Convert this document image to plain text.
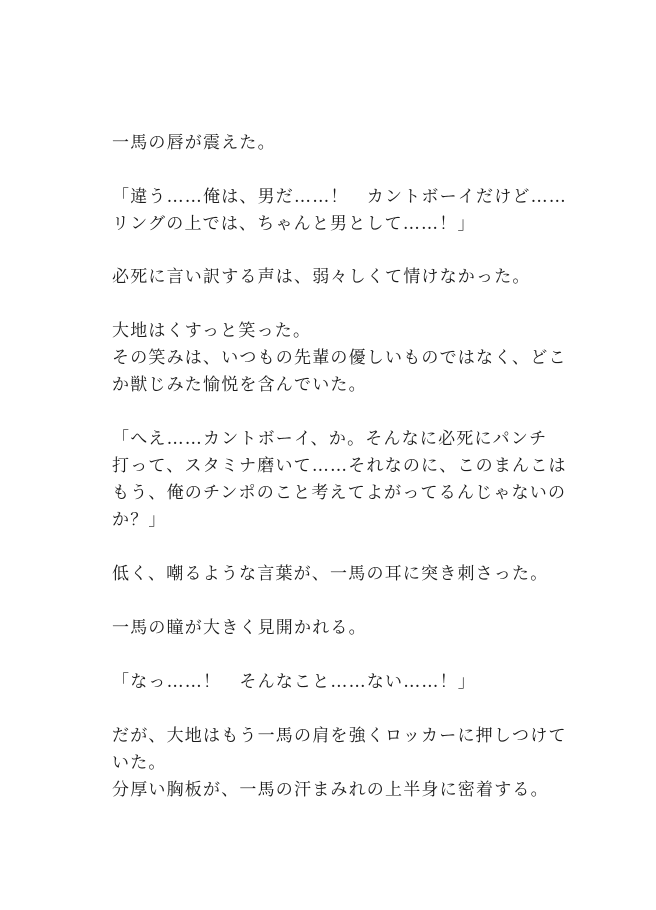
一馬の唇が震えた。
「違う……俺は、男だ……！　カントボーイだけど……
リングの上では、ちゃんと男として……！」
必死に言い訳する声は、弱々しくて情けなかった。
大地はくすっと笑った。
その笑みは、いつもの先輩の優しいものではなく、どこ
か獣じみた愉悦を含んでいた。
「へえ……カントボーイ、か。そんなに必死にパンチ
打って、スタミナ磨いて……それなのに、このまんこは
もう、俺のチンポのこと考えてよがってるんじゃないの
か？」
低く、嘲るような言葉が、一馬の耳に突き刺さった。
一馬の瞳が大きく見開かれる。
「なっ……！　そんなこと……ない……！」
だが、大地はもう一馬の肩を強くロッカーに押しつけて
いた。
分厚い胸板が、一馬の汗まみれの上半身に密着する。
